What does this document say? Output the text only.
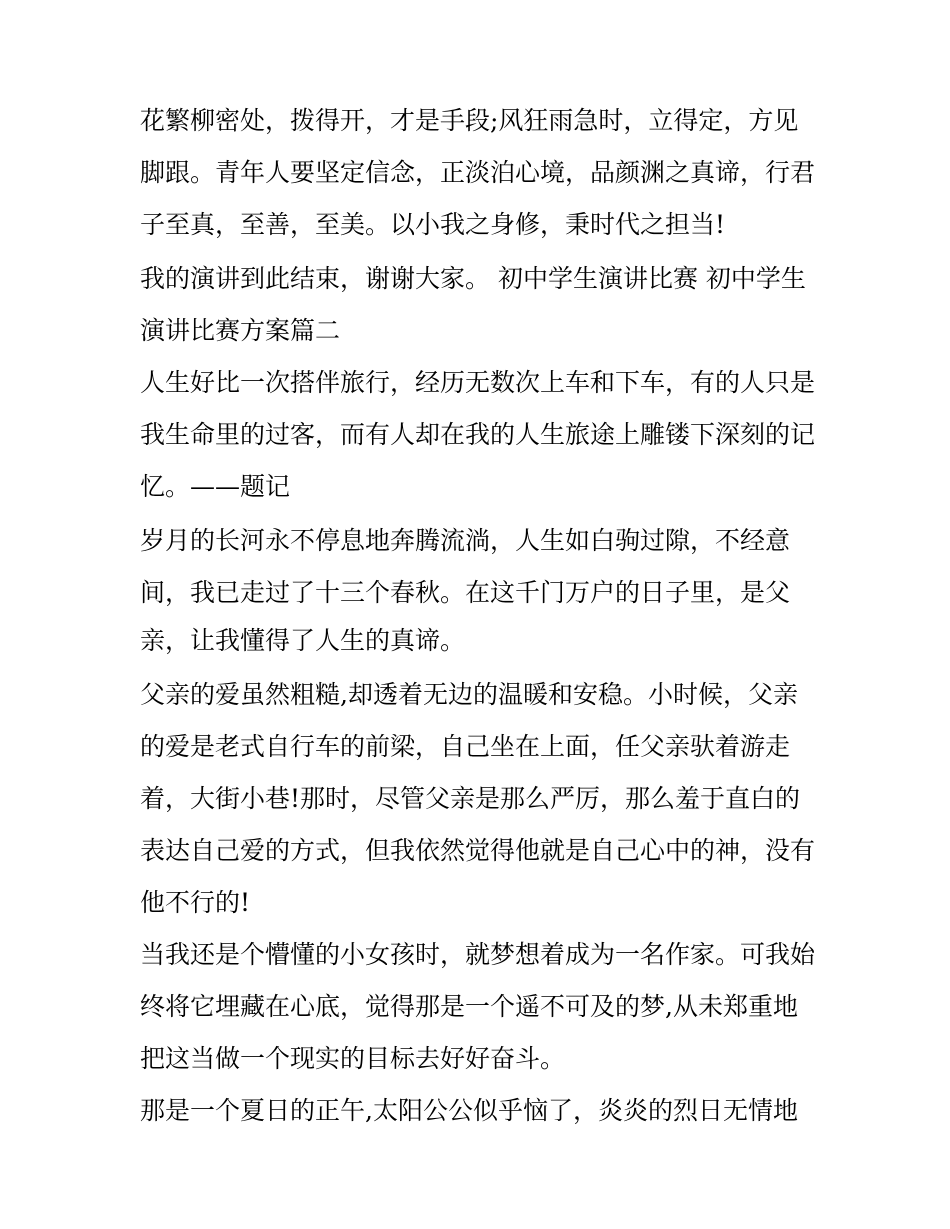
花繁柳密处，拨得开，才是手段;风狂雨急时，立得定，方见
脚跟。青年人要坚定信念，正淡泊心境，品颜渊之真谛，行君
子至真，至善，至美。以小我之身修，秉时代之担当!
我的演讲到此结束，谢谢大家。 初中学生演讲比赛 初中学生
演讲比赛方案篇二
人生好比一次搭伴旅行，经历无数次上车和下车，有的人只是
我生命里的过客，而有人却在我的人生旅途上雕镂下深刻的记
忆。——题记
岁月的长河永不停息地奔腾流淌，人生如白驹过隙，不经意
间，我已走过了十三个春秋。在这千门万户的日子里，是父
亲，让我懂得了人生的真谛。
父亲的爱虽然粗糙,却透着无边的温暖和安稳。小时候，父亲
的爱是老式自行车的前梁，自己坐在上面，任父亲驮着游走
着，大街小巷!那时，尽管父亲是那么严厉，那么羞于直白的
表达自己爱的方式，但我依然觉得他就是自己心中的神，没有
他不行的!
当我还是个懵懂的小女孩时，就梦想着成为一名作家。可我始
终将它埋藏在心底，觉得那是一个遥不可及的梦,从未郑重地
把这当做一个现实的目标去好好奋斗。
那是一个夏日的正午,太阳公公似乎恼了，炎炎的烈日无情地
